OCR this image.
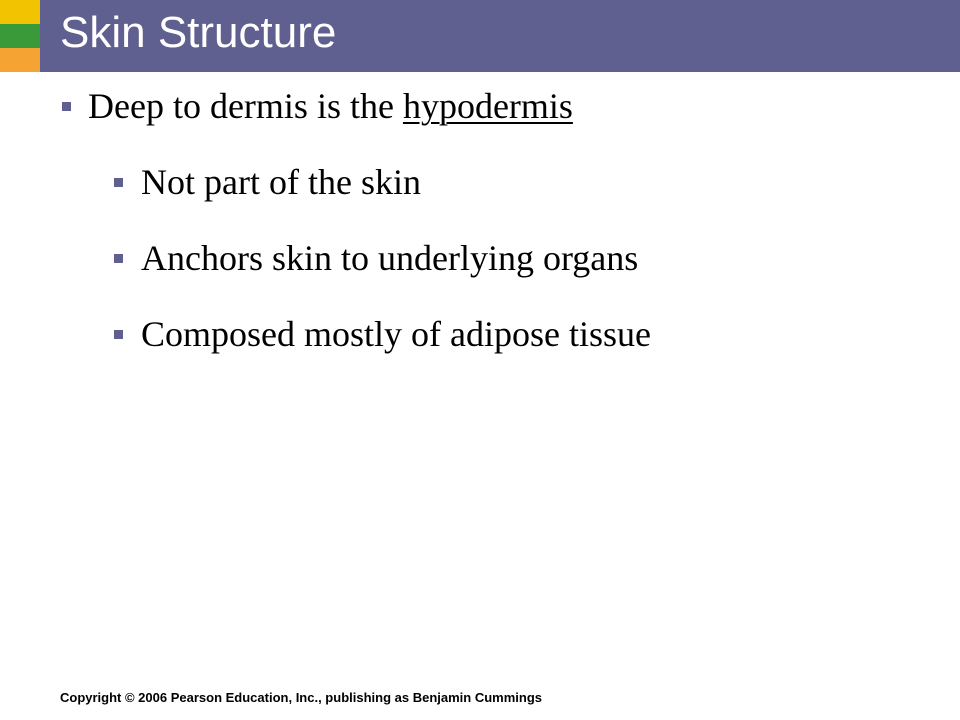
Skin Structure
Deep to dermis is the hypodermis
Not part of the skin
Anchors skin to underlying organs
Composed mostly of adipose tissue
Copyright © 2006 Pearson Education, Inc., publishing as Benjamin Cummings
